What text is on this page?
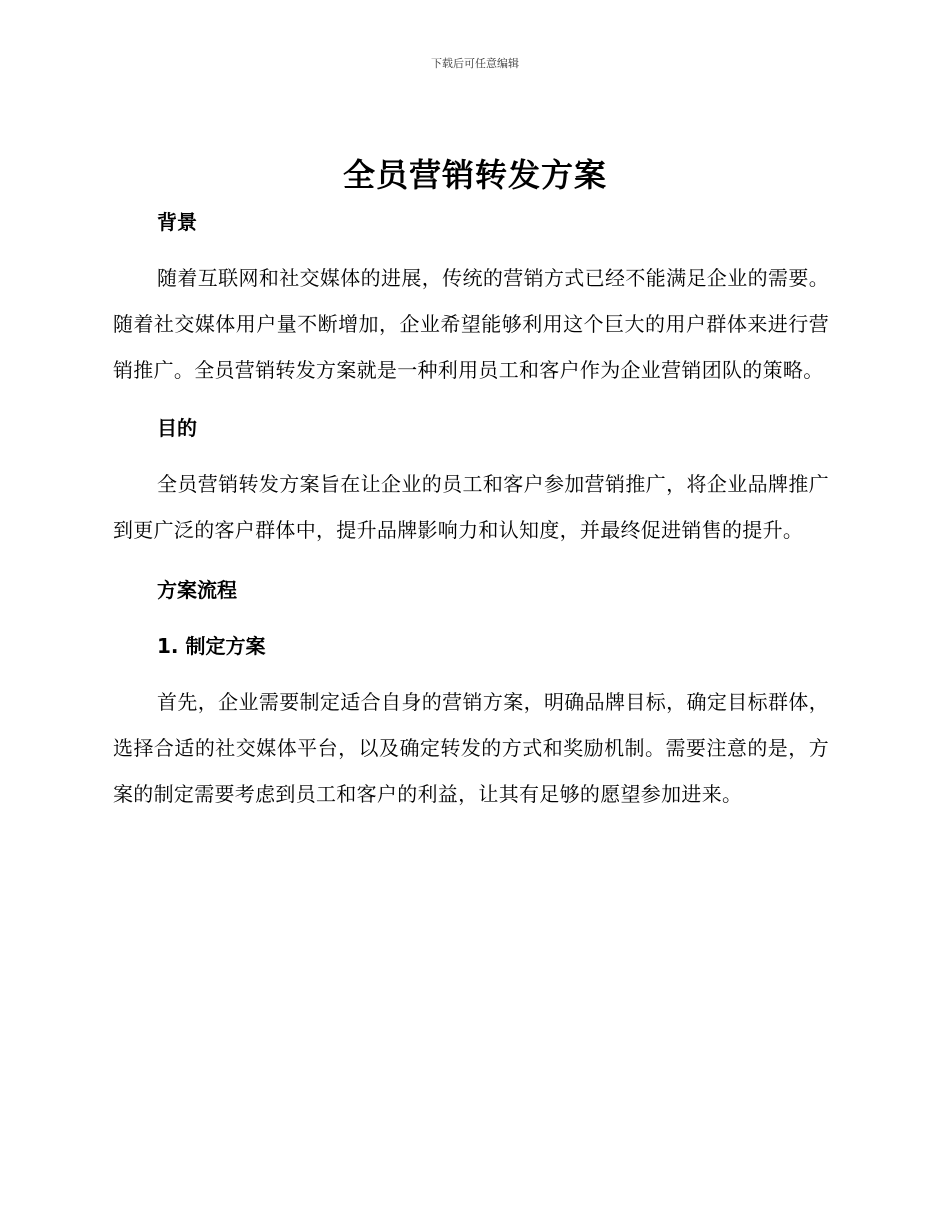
下载后可任意编辑
全员营销转发方案
背景

随着互联网和社交媒体的进展，传统的营销方式已经不能满足企业的需要。随着社交媒体用户量不断增加，企业希望能够利用这个巨大的用户群体来进行营销推广。全员营销转发方案就是一种利用员工和客户作为企业营销团队的策略。

目的

全员营销转发方案旨在让企业的员工和客户参加营销推广，将企业品牌推广到更广泛的客户群体中，提升品牌影响力和认知度，并最终促进销售的提升。

方案流程
1. 制定方案

首先，企业需要制定适合自身的营销方案，明确品牌目标，确定目标群体，选择合适的社交媒体平台，以及确定转发的方式和奖励机制。需要注意的是，方案的制定需要考虑到员工和客户的利益，让其有足够的愿望参加进来。
